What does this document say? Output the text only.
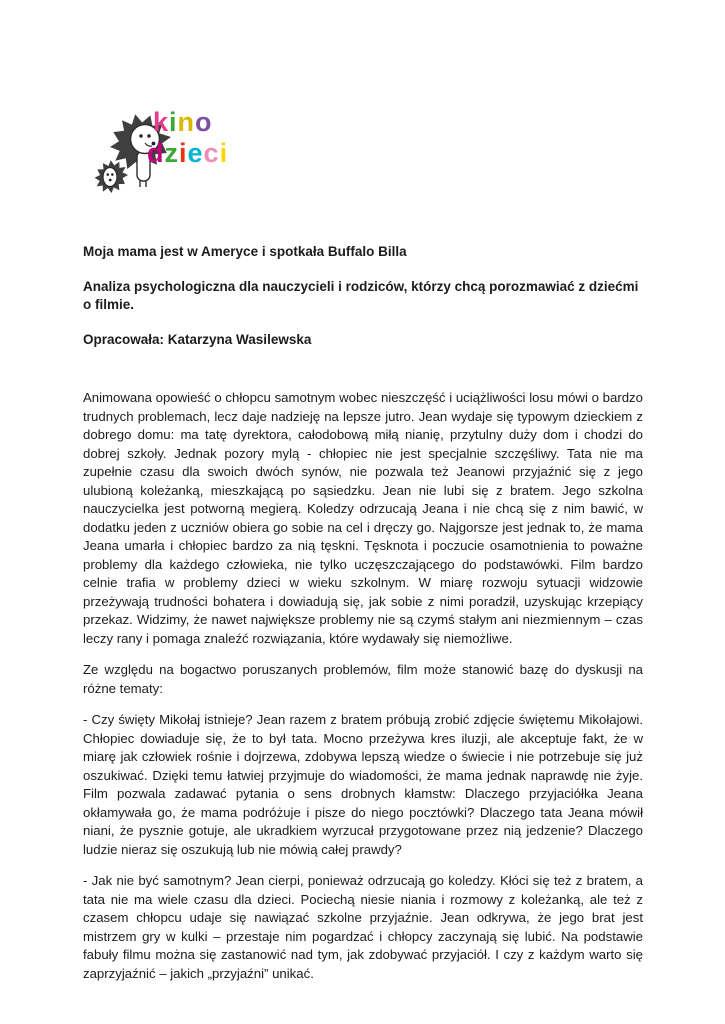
kino
dzieci

Moja mama jest w Ameryce i spotkała Buffalo Billa

Analiza psychologiczna dla nauczycieli i rodziców, którzy chcą porozmawiać z dziećmi o filmie.

Opracowała: Katarzyna Wasilewska

Animowana opowieść o chłopcu samotnym wobec nieszczęść i uciążliwości losu mówi o bardzo trudnych problemach, lecz daje nadzieję na lepsze jutro. Jean wydaje się typowym dzieckiem z dobrego domu: ma tatę dyrektora, całodobową miłą nianię, przytulny duży dom i chodzi do dobrej szkoły. Jednak pozory mylą - chłopiec nie jest specjalnie szczęśliwy. Tata nie ma zupełnie czasu dla swoich dwóch synów, nie pozwala też Jeanowi przyjaźnić się z jego ulubioną koleżanką, mieszkającą po sąsiedzku. Jean nie lubi się z bratem. Jego szkolna nauczycielka jest potworną megierą. Koledzy odrzucają Jeana i nie chcą się z nim bawić, w dodatku jeden z uczniów obiera go sobie na cel i dręczy go. Najgorsze jest jednak to, że mama Jeana umarła i chłopiec bardzo za nią tęskni. Tęsknota i poczucie osamotnienia to poważne problemy dla każdego człowieka, nie tylko uczęszczającego do podstawówki. Film bardzo celnie trafia w problemy dzieci w wieku szkolnym. W miarę rozwoju sytuacji widzowie przeżywają trudności bohatera i dowiadują się, jak sobie z nimi poradził, uzyskując krzepiący przekaz. Widzimy, że nawet największe problemy nie są czymś stałym ani niezmiennym – czas leczy rany i pomaga znaleźć rozwiązania, które wydawały się niemożliwe.

Ze względu na bogactwo poruszanych problemów, film może stanowić bazę do dyskusji na różne tematy:

- Czy święty Mikołaj istnieje? Jean razem z bratem próbują zrobić zdjęcie świętemu Mikołajowi. Chłopiec dowiaduje się, że to był tata. Mocno przeżywa kres iluzji, ale akceptuje fakt, że w miarę jak człowiek rośnie i dojrzewa, zdobywa lepszą wiedze o świecie i nie potrzebuje się już oszukiwać. Dzięki temu łatwiej przyjmuje do wiadomości, że mama jednak naprawdę nie żyje. Film pozwala zadawać pytania o sens drobnych kłamstw: Dlaczego przyjaciółka Jeana okłamywała go, że mama podróżuje i pisze do niego pocztówki? Dlaczego tata Jeana mówił niani, że pysznie gotuje, ale ukradkiem wyrzucał przygotowane przez nią jedzenie? Dlaczego ludzie nieraz się oszukują lub nie mówią całej prawdy?

- Jak nie być samotnym? Jean cierpi, ponieważ odrzucają go koledzy. Kłóci się też z bratem, a tata nie ma wiele czasu dla dzieci. Pociechą niesie niania i rozmowy z koleżanką, ale też z czasem chłopcu udaje się nawiązać szkolne przyjaźnie. Jean odkrywa, że jego brat jest mistrzem gry w kulki – przestaje nim pogardzać i chłopcy zaczynają się lubić. Na podstawie fabuły filmu można się zastanowić nad tym, jak zdobywać przyjaciół. I czy z każdym warto się zaprzyjaźnić – jakich „przyjaźni” unikać.
